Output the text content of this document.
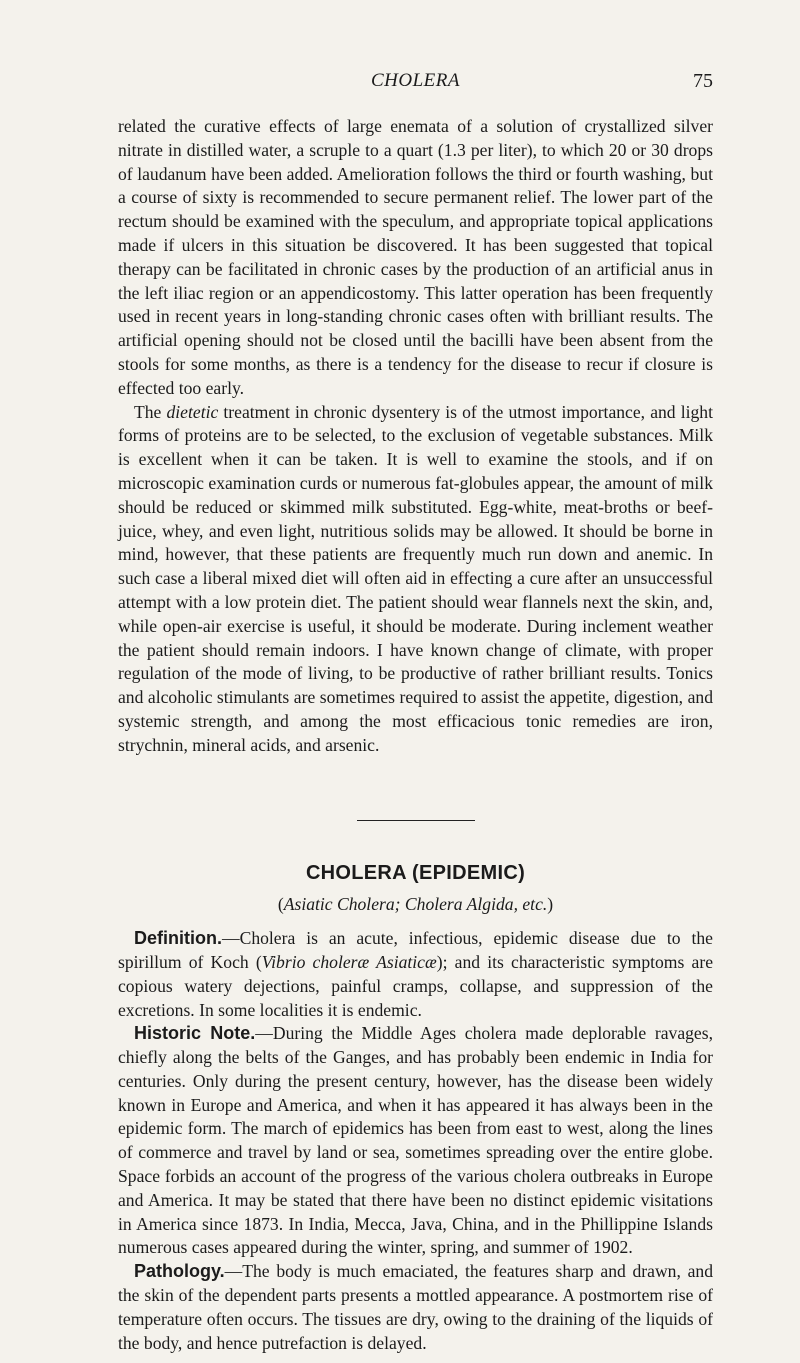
CHOLERA	75

related the curative effects of large enemata of a solution of crystallized silver nitrate in distilled water, a scruple to a quart (1.3 per liter), to which 20 or 30 drops of laudanum have been added. Amelioration follows the third or fourth washing, but a course of sixty is recommended to secure permanent relief. The lower part of the rectum should be examined with the speculum, and appropriate topical applications made if ulcers in this situation be discovered. It has been suggested that topical therapy can be facilitated in chronic cases by the production of an artificial anus in the left iliac region or an appendicostomy. This latter operation has been frequently used in recent years in long-standing chronic cases often with brilliant results. The artificial opening should not be closed until the bacilli have been absent from the stools for some months, as there is a tendency for the disease to recur if closure is effected too early.

The dietetic treatment in chronic dysentery is of the utmost importance, and light forms of proteins are to be selected, to the exclusion of vegetable substances. Milk is excellent when it can be taken. It is well to examine the stools, and if on microscopic examination curds or numerous fat-globules appear, the amount of milk should be reduced or skimmed milk substituted. Egg-white, meat-broths or beef-juice, whey, and even light, nutritious solids may be allowed. It should be borne in mind, however, that these patients are frequently much run down and anemic. In such case a liberal mixed diet will often aid in effecting a cure after an unsuccessful attempt with a low protein diet. The patient should wear flannels next the skin, and, while open-air exercise is useful, it should be moderate. During inclement weather the patient should remain indoors. I have known change of climate, with proper regulation of the mode of living, to be productive of rather brilliant results. Tonics and alcoholic stimulants are sometimes required to assist the appetite, digestion, and systemic strength, and among the most efficacious tonic remedies are iron, strychnin, mineral acids, and arsenic.

CHOLERA (EPIDEMIC)

(Asiatic Cholera; Cholera Algida, etc.)

Definition.—Cholera is an acute, infectious, epidemic disease due to the spirillum of Koch (Vibrio choleræ Asiaticæ); and its characteristic symptoms are copious watery dejections, painful cramps, collapse, and suppression of the excretions. In some localities it is endemic.

Historic Note.—During the Middle Ages cholera made deplorable ravages, chiefly along the belts of the Ganges, and has probably been endemic in India for centuries. Only during the present century, however, has the disease been widely known in Europe and America, and when it has appeared it has always been in the epidemic form. The march of epidemics has been from east to west, along the lines of commerce and travel by land or sea, sometimes spreading over the entire globe. Space forbids an account of the progress of the various cholera outbreaks in Europe and America. It may be stated that there have been no distinct epidemic visitations in America since 1873. In India, Mecca, Java, China, and in the Phillippine Islands numerous cases appeared during the winter, spring, and summer of 1902.

Pathology.—The body is much emaciated, the features sharp and drawn, and the skin of the dependent parts presents a mottled appearance. A postmortem rise of temperature often occurs. The tissues are dry, owing to the draining of the liquids of the body, and hence putrefaction is delayed.
